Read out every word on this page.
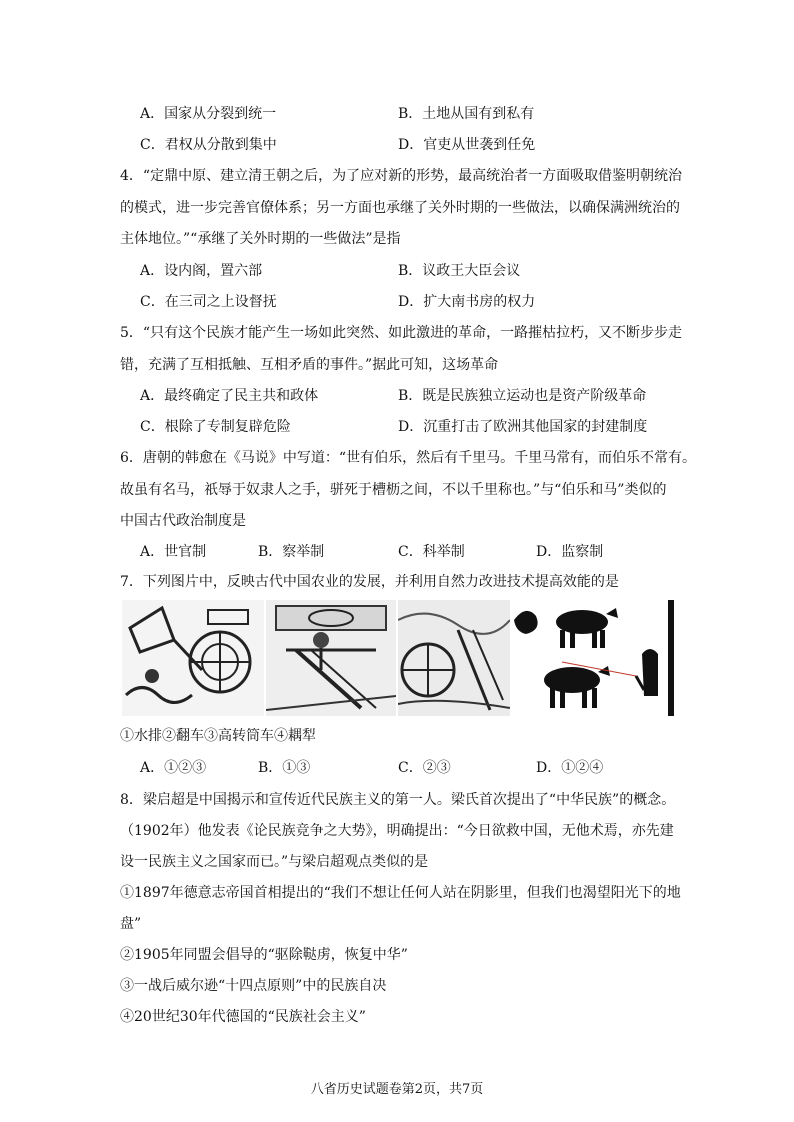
A．国家从分裂到统一	B．土地从国有到私有
C．君权从分散到集中	D．官吏从世袭到任免
4．“定鼎中原、建立清王朝之后，为了应对新的形势，最高统治者一方面吸取借鉴明朝统治
的模式，进一步完善官僚体系；另一方面也承继了关外时期的一些做法，以确保满洲统治的
主体地位。”“承继了关外时期的一些做法”是指
A．设内阁，置六部	B．议政王大臣会议
C．在三司之上设督抚	D．扩大南书房的权力
5．“只有这个民族才能产生一场如此突然、如此激进的革命，一路摧枯拉朽，又不断步步走
错，充满了互相抵触、互相矛盾的事件。”据此可知，这场革命
A．最终确定了民主共和政体	B．既是民族独立运动也是资产阶级革命
C．根除了专制复辟危险	D．沉重打击了欧洲其他国家的封建制度
6．唐朝的韩愈在《马说》中写道：“世有伯乐，然后有千里马。千里马常有，而伯乐不常有。
故虽有名马，祇辱于奴隶人之手，骈死于槽枥之间，不以千里称也。”与“伯乐和马”类似的
中国古代政治制度是
A．世官制	B．察举制	C．科举制	D．监察制
7．下列图片中，反映古代中国农业的发展，并利用自然力改进技术提高效能的是
①水排②翻车③高转筒车④耦犁
A．①②③	B．①③	C．②③	D．①②④
8．梁启超是中国揭示和宣传近代民族主义的第一人。梁氏首次提出了“中华民族”的概念。
（1902年）他发表《论民族竞争之大势》，明确提出：“今日欲救中国，无他术焉，亦先建
设一民族主义之国家而已。”与梁启超观点类似的是
①1897年德意志帝国首相提出的“我们不想让任何人站在阴影里，但我们也渴望阳光下的地
盘”
②1905年同盟会倡导的“驱除鞑虏，恢复中华”
③一战后威尔逊“十四点原则”中的民族自决
④20世纪30年代德国的“民族社会主义”
八省历史试题卷第2页，共7页
